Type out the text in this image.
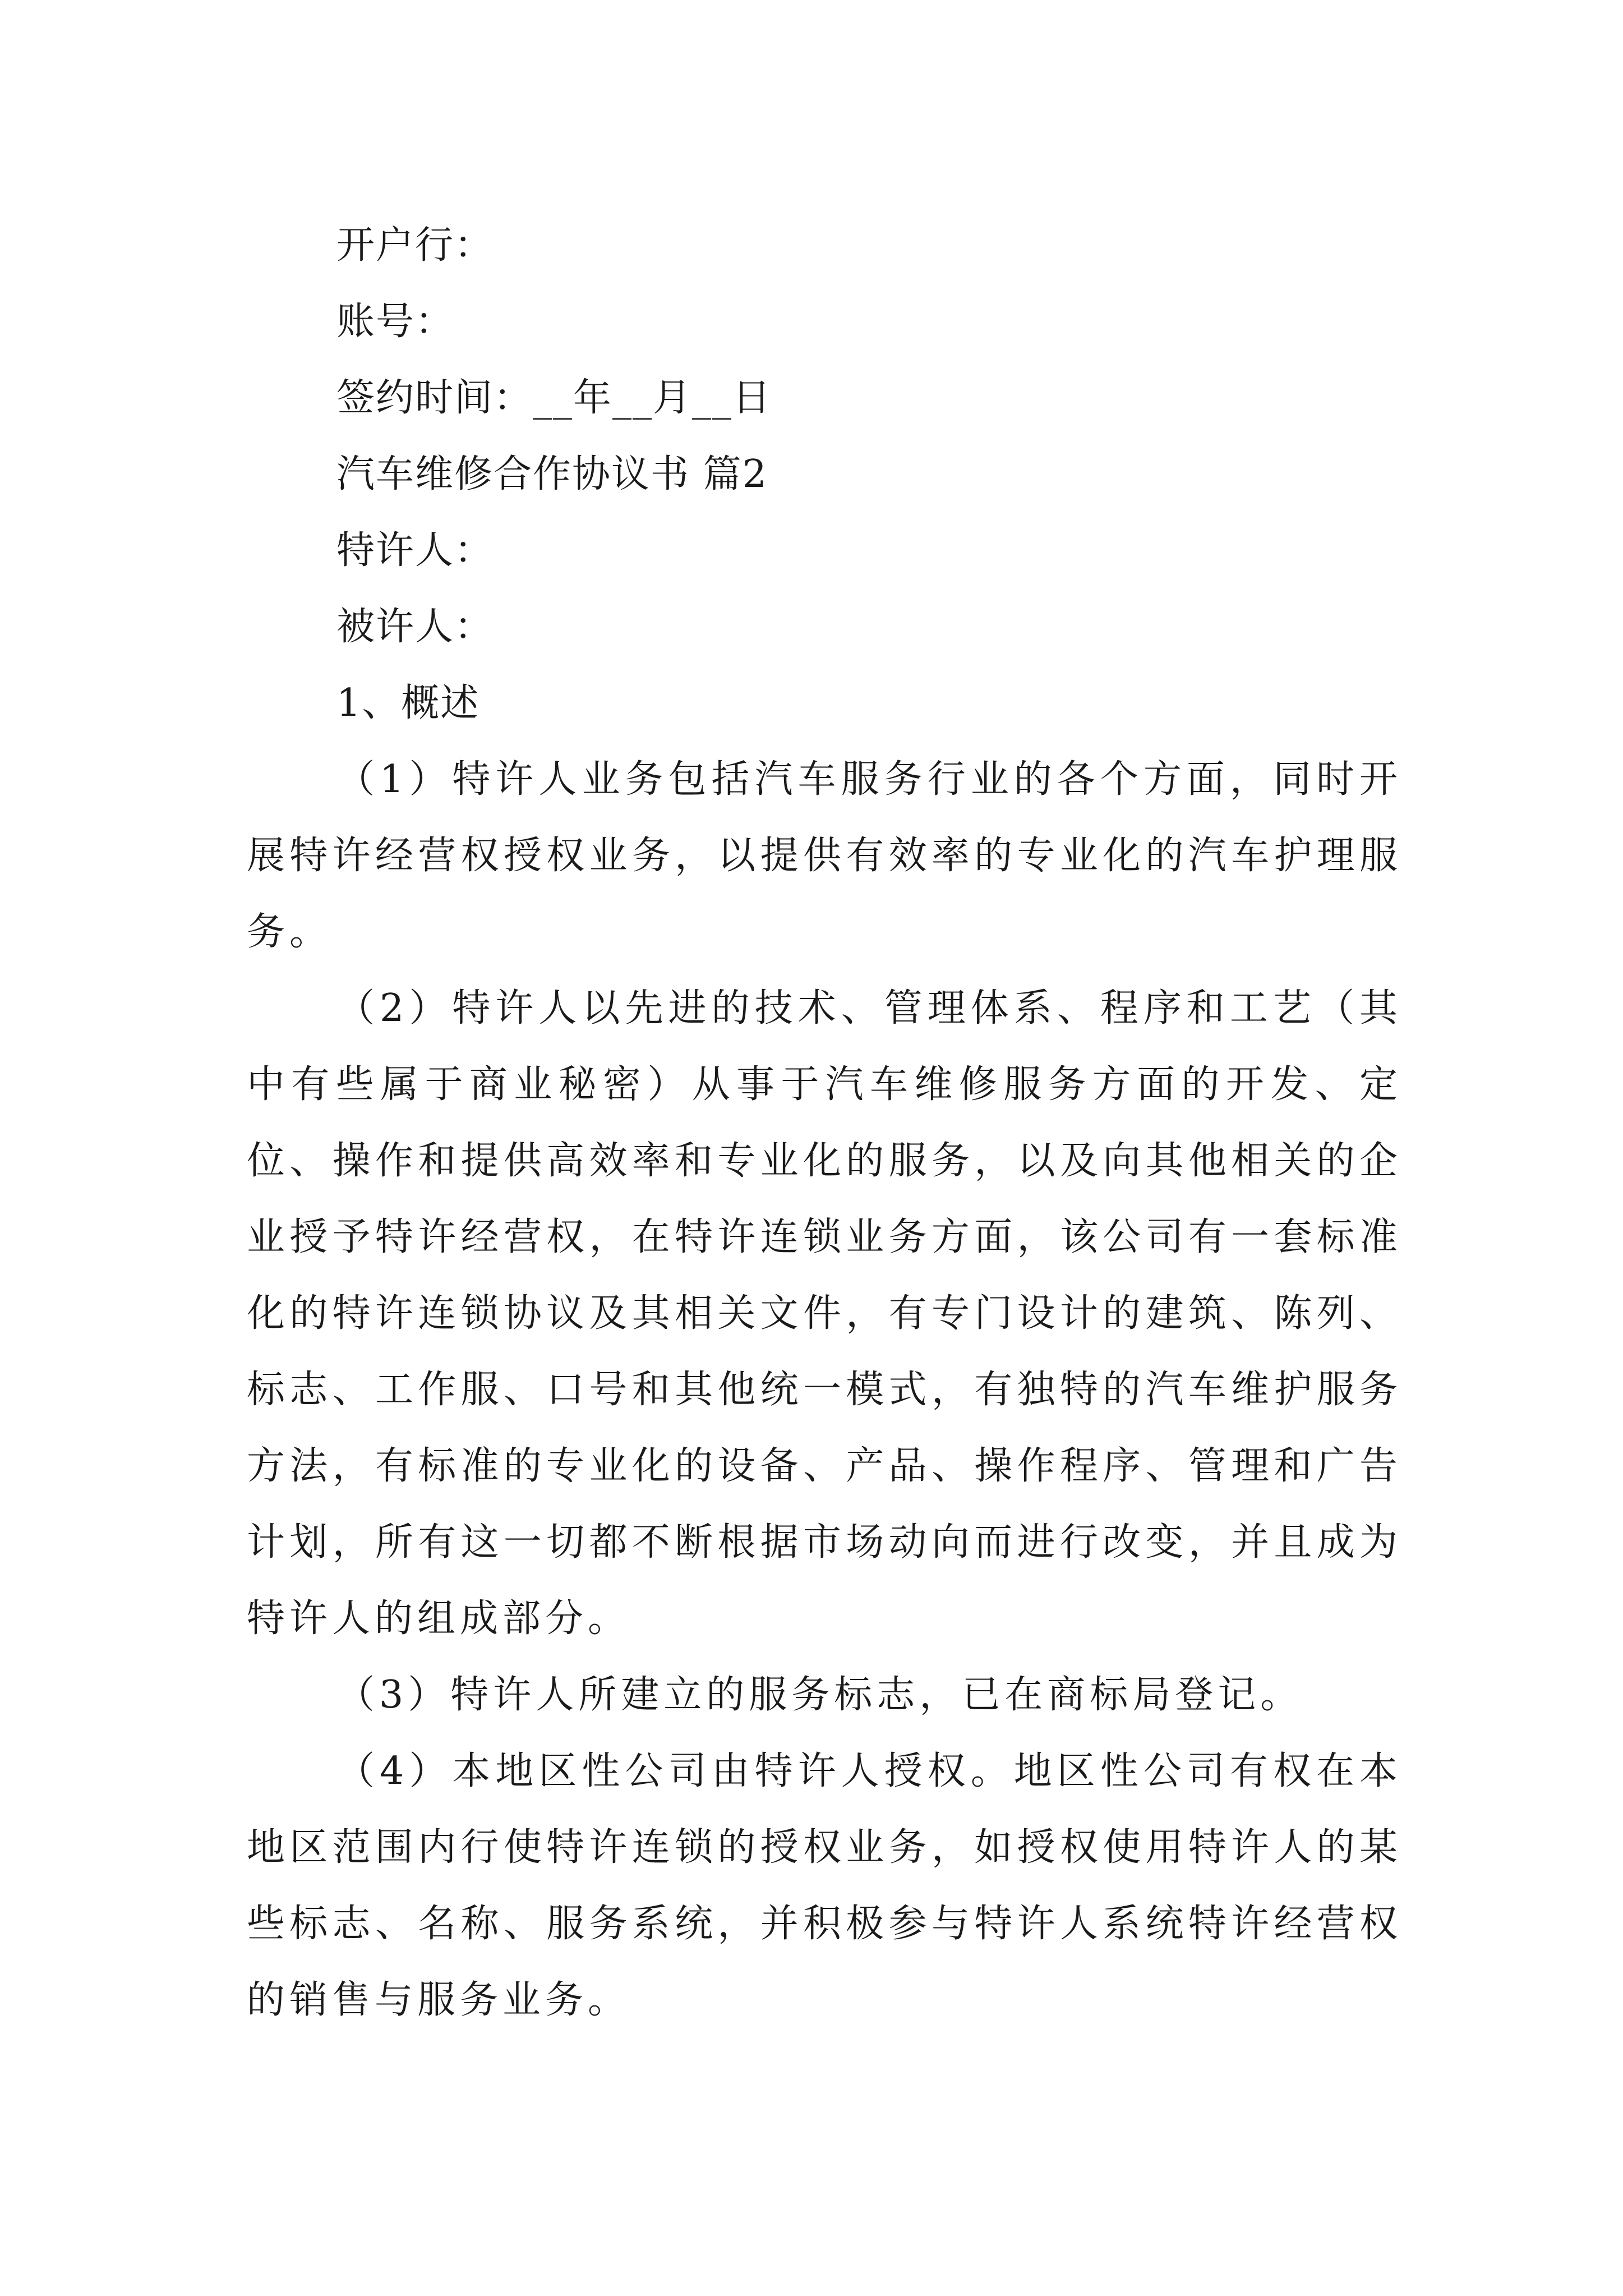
开户行：
账号：
签约时间：__年__月__日
汽车维修合作协议书 篇2
特许人：
被许人：
1、概述

（1）特许人业务包括汽车服务行业的各个方面，同时开展特许经营权授权业务，以提供有效率的专业化的汽车护理服务。

（2）特许人以先进的技术、管理体系、程序和工艺（其中有些属于商业秘密）从事于汽车维修服务方面的开发、定位、操作和提供高效率和专业化的服务，以及向其他相关的企业授予特许经营权，在特许连锁业务方面，该公司有一套标准化的特许连锁协议及其相关文件，有专门设计的建筑、陈列、标志、工作服、口号和其他统一模式，有独特的汽车维护服务方法，有标准的专业化的设备、产品、操作程序、管理和广告计划，所有这一切都不断根据市场动向而进行改变，并且成为特许人的组成部分。

（3）特许人所建立的服务标志，已在商标局登记。

（4）本地区性公司由特许人授权。地区性公司有权在本地区范围内行使特许连锁的授权业务，如授权使用特许人的某些标志、名称、服务系统，并积极参与特许人系统特许经营权的销售与服务业务。
